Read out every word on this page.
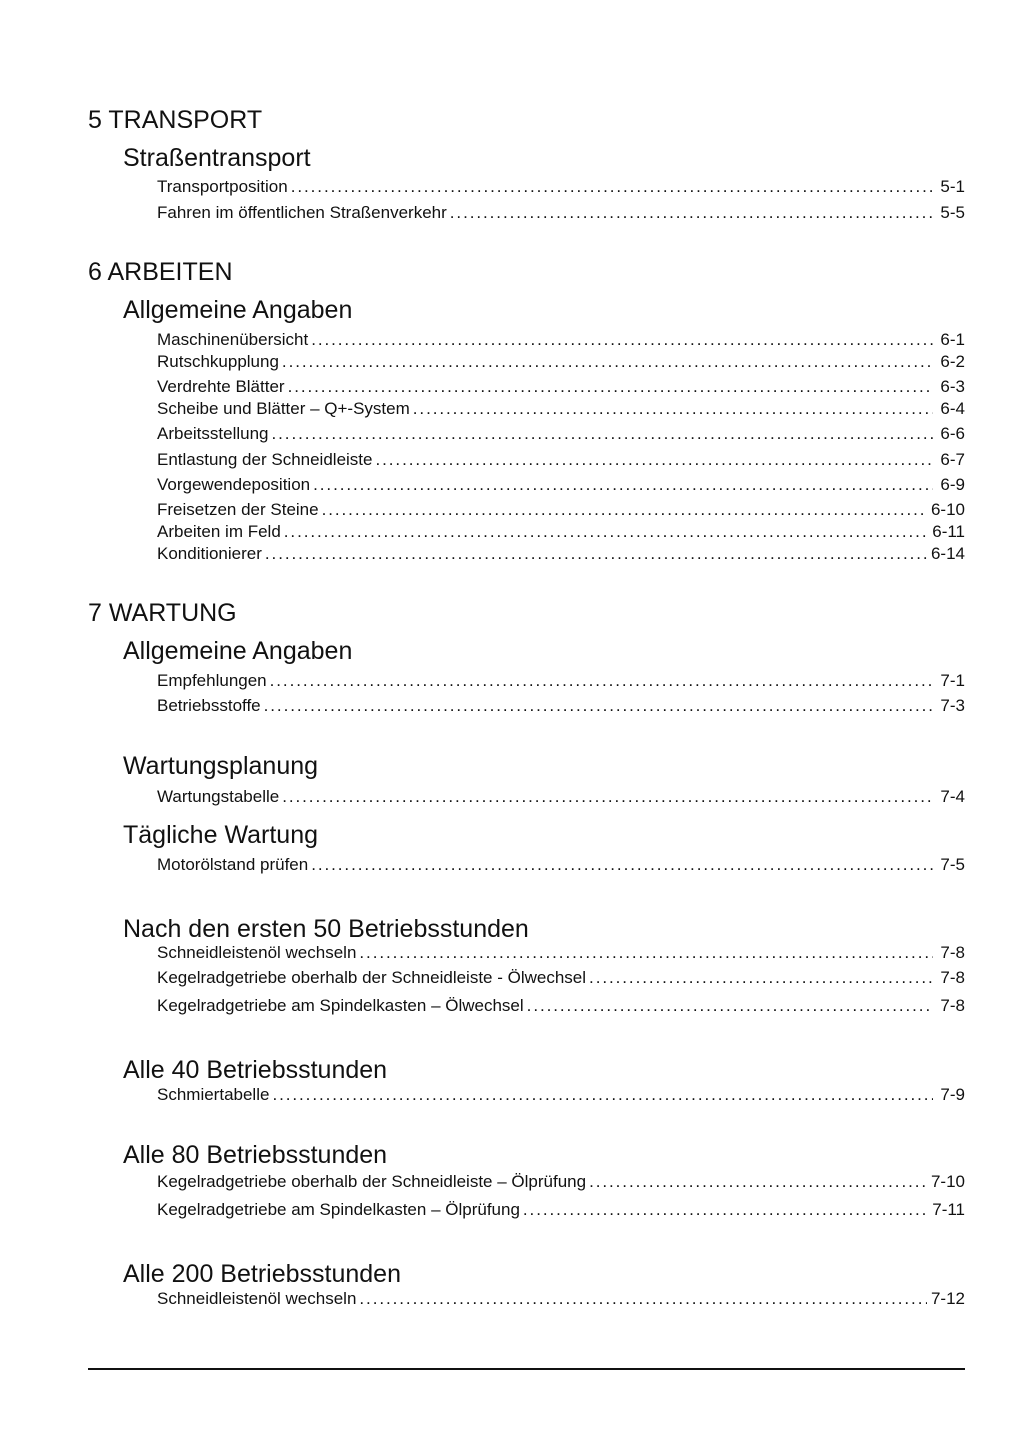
5 TRANSPORT
Straßentransport
Transportposition . . .	5-1
Fahren im öffentlichen Straßenverkehr . . .	5-5
6 ARBEITEN
Allgemeine Angaben
Maschinenübersicht . . .	6-1
Rutschkupplung . . .	6-2
Verdrehte Blätter . . .	6-3
Scheibe und Blätter – Q+-System . . .	6-4
Arbeitsstellung . . .	6-6
Entlastung der Schneidleiste . . .	6-7
Vorgewendeposition . . .	6-9
Freisetzen der Steine . . .	6-10
Arbeiten im Feld . . .	6-11
Konditionierer . . .	6-14
7 WARTUNG
Allgemeine Angaben
Empfehlungen . . .	7-1
Betriebsstoffe . . .	7-3
Wartungsplanung
Wartungstabelle . . .	7-4
Tägliche Wartung
Motorölstand prüfen . . .	7-5
Nach den ersten 50 Betriebsstunden
Schneidleistenöl wechseln . . .	7-8
Kegelradgetriebe oberhalb der Schneidleiste - Ölwechsel . . .	7-8
Kegelradgetriebe am Spindelkasten – Ölwechsel . . .	7-8
Alle 40 Betriebsstunden
Schmiertabelle . . .	7-9
Alle 80 Betriebsstunden
Kegelradgetriebe oberhalb der Schneidleiste – Ölprüfung . . .	7-10
Kegelradgetriebe am Spindelkasten – Ölprüfung . . .	7-11
Alle 200 Betriebsstunden
Schneidleistenöl wechseln . . .	7-12
